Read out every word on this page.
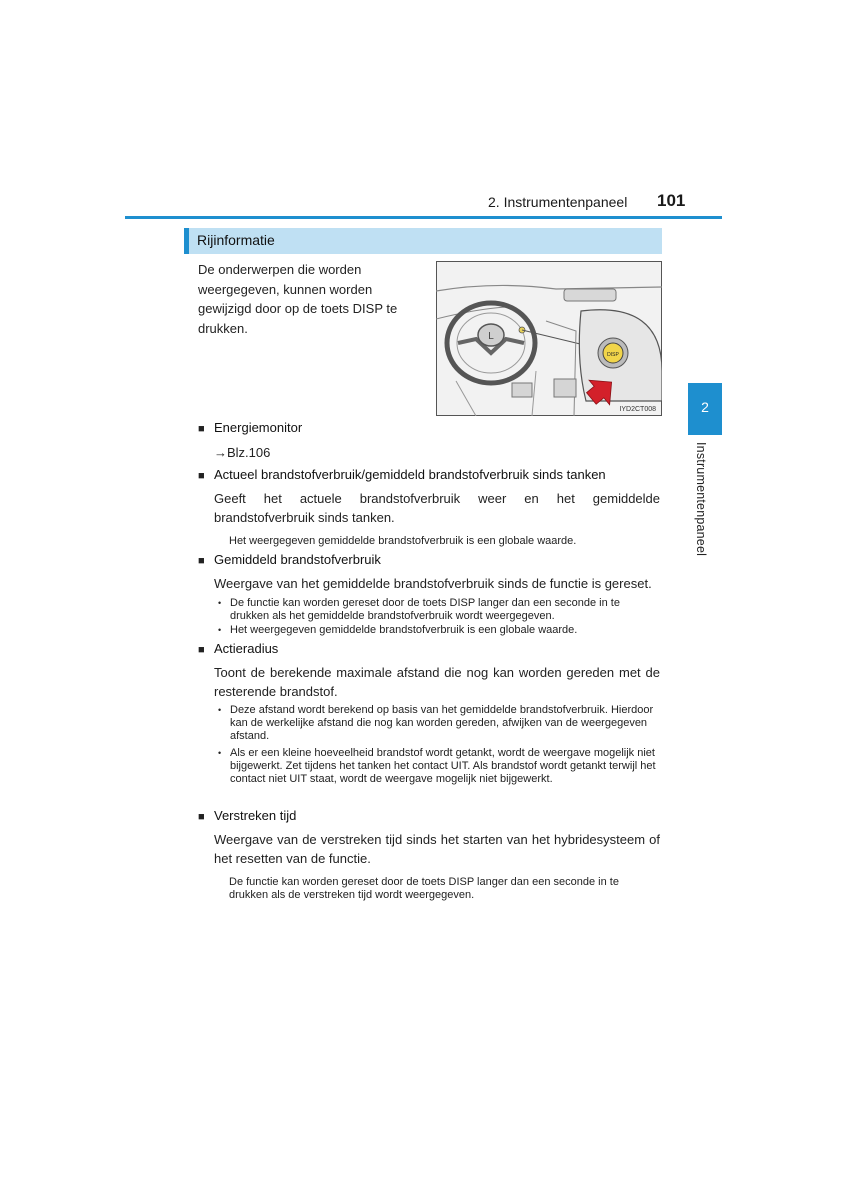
2. Instrumentenpaneel 101
2
Instrumentenpaneel
Rijinformatie
De onderwerpen die worden weergegeven, kunnen worden gewijzigd door op de toets DISP te drukken.
L
DISP
IYD2CT008
■ Energiemonitor
→Blz.106
■ Actueel brandstofverbruik/gemiddeld brandstofverbruik sinds tanken
Geeft het actuele brandstofverbruik weer en het gemiddelde brandstofverbruik sinds tanken.
Het weergegeven gemiddelde brandstofverbruik is een globale waarde.
■ Gemiddeld brandstofverbruik
Weergave van het gemiddelde brandstofverbruik sinds de functie is gereset.
• De functie kan worden gereset door de toets DISP langer dan een seconde in te drukken als het gemiddelde brandstofverbruik wordt weergegeven.
• Het weergegeven gemiddelde brandstofverbruik is een globale waarde.
■ Actieradius
Toont de berekende maximale afstand die nog kan worden gereden met de resterende brandstof.
• Deze afstand wordt berekend op basis van het gemiddelde brandstofverbruik. Hierdoor kan de werkelijke afstand die nog kan worden gereden, afwijken van de weergegeven afstand.
• Als er een kleine hoeveelheid brandstof wordt getankt, wordt de weergave mogelijk niet bijgewerkt. Zet tijdens het tanken het contact UIT. Als brandstof wordt getankt terwijl het contact niet UIT staat, wordt de weergave mogelijk niet bijgewerkt.
■ Verstreken tijd
Weergave van de verstreken tijd sinds het starten van het hybridesysteem of het resetten van de functie.
De functie kan worden gereset door de toets DISP langer dan een seconde in te drukken als de verstreken tijd wordt weergegeven.
